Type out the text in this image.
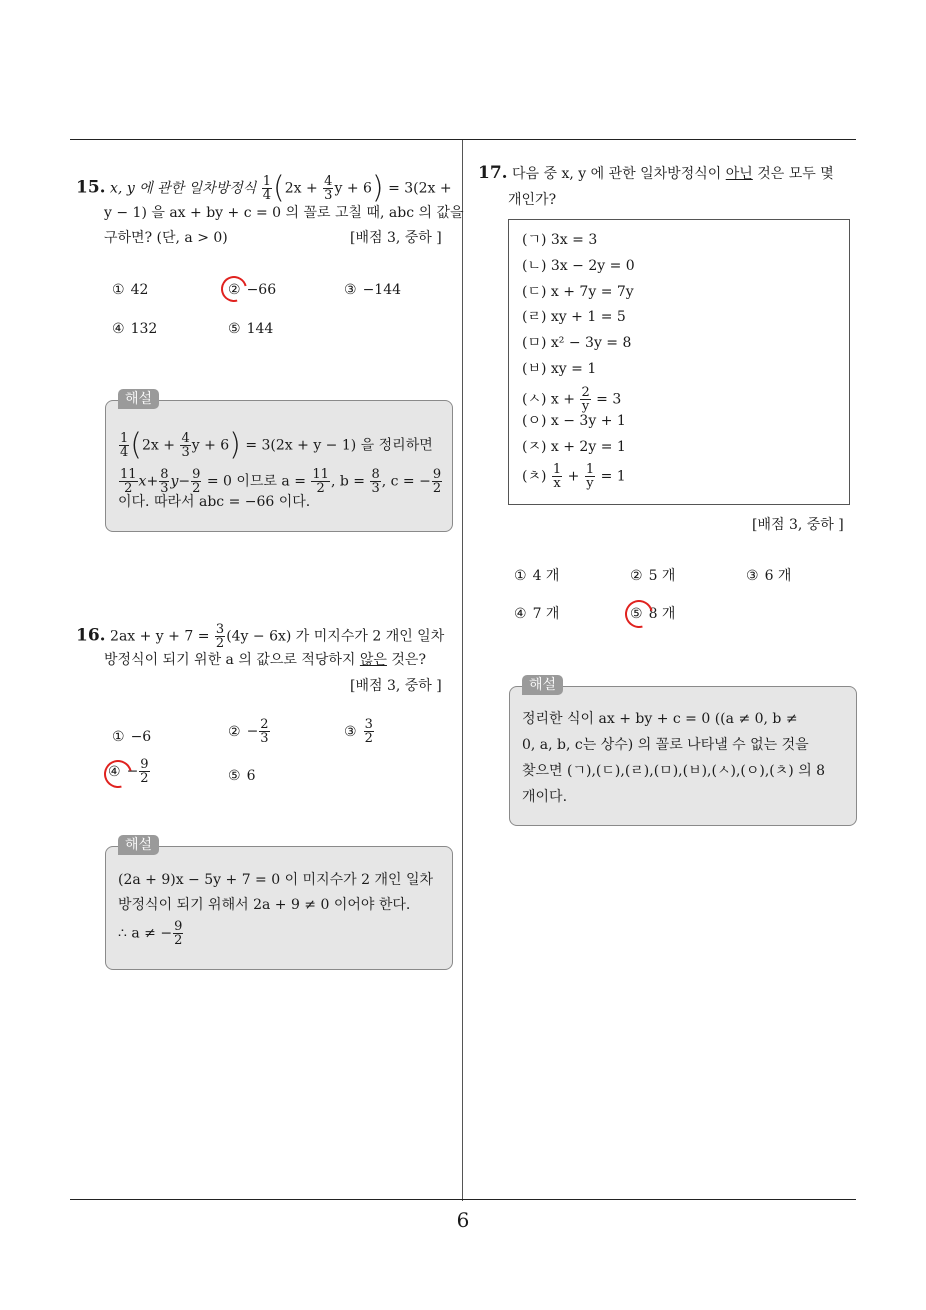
6
15. x, y 에 관한 일차방정식 $\frac{1}{4} (2x + \frac{4}{3}$ y + 6) = 3(2x +
y − 1) 을 ax + by + c = 0 의 꼴로 고칠 때, abc 의 값을
구하면? (단, a > 0)	[배점 3, 중하 ]
① 42	② −66	③ −144
④ 132	⑤ 144
해설
$\frac{1}{4} (2x + \frac{4}{3}$ y + 6) = 3(2x + y − 1) 을 정리하면
$\frac{11}{2} x+ \frac{8}{3} y- \frac{9}{2} = 0$ 이므로 $a = \frac{11}{2}$ , $b = \frac{8}{3}$ , c = − $\frac{9}{2}$
이다. 따라서 abc = −66 이다.
16. $2ax + y + 7 = \frac{3}{2} (4y - 6x)$ 가 미지수가 2 개인 일차
방정식이 되기 위한 a 의 값으로 적당하지 않은 것은?
[배점 3, 중하 ]
① −6	② − $\frac{2}{3}$	③ $\frac{3}{2}$
④ − $\frac{9}{2}$	⑤ 6
해설
(2a + 9)x − 5y + 7 = 0 이 미지수가 2 개인 일차
방정식이 되기 위해서 2a + 9 ≠ 0 이어야 한다.
∴ a ≠ − $\frac{9}{2}$
17. 다음 중 x, y 에 관한 일차방정식이 아닌 것은 모두 몇
개인가?
(ㄱ) 3x = 3
(ㄴ) 3x − 2y = 0
(ㄷ) x + 7y = 7y
(ㄹ) xy + 1 = 5
(ㅁ) x² − 3y = 8
(ㅂ) xy = 1
(ㅅ) $x + \frac{2}{y} = 3$
(ㅇ) x − 3y + 1
(ㅈ) x + 2y = 1
(ㅊ) $\frac{1}{x} + \frac{1}{y} = 1$
[배점 3, 중하 ]
① 4 개	② 5 개	③ 6 개
④ 7 개	⑤ 8 개
해설
정리한 식이 ax + by + c = 0 ((a ≠ 0, b ≠
0, a, b, c는 상수) 의 꼴로 나타낼 수 없는 것을
찾으면 (ㄱ),(ㄷ),(ㄹ),(ㅁ),(ㅂ),(ㅅ),(ㅇ),(ㅊ) 의 8
개이다.
